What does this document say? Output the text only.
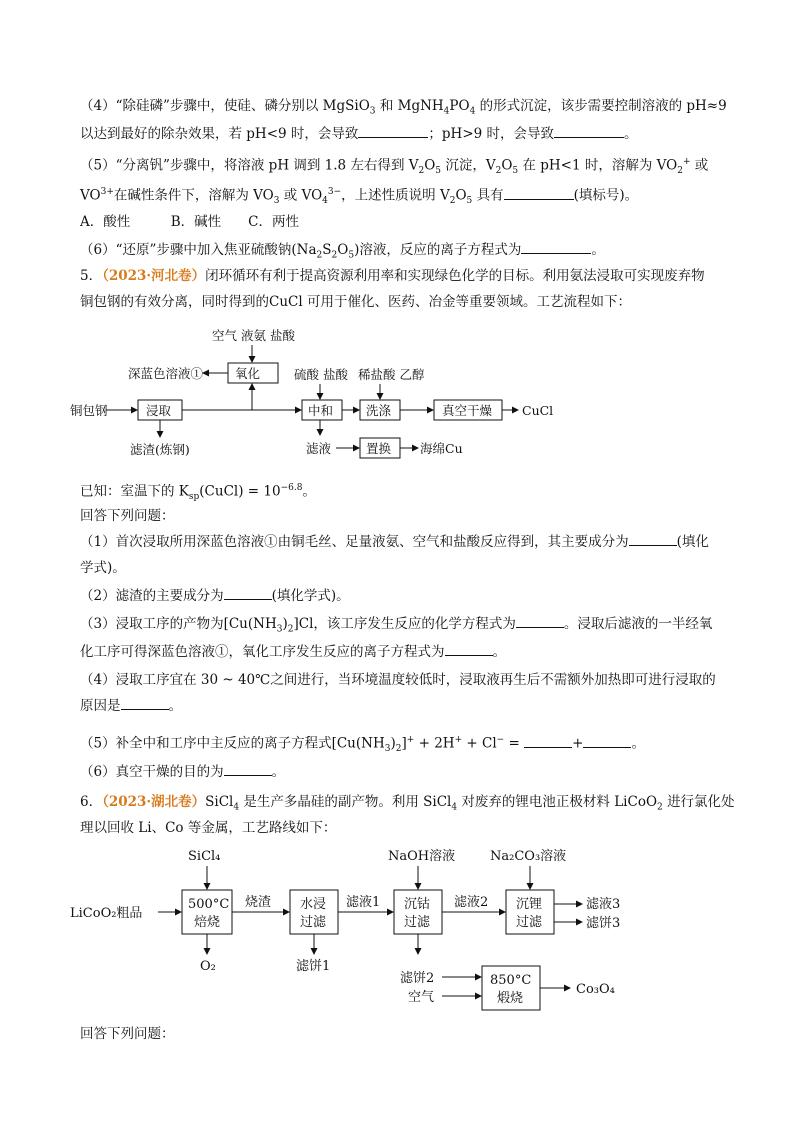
（4）“除硅磷”步骤中，使硅、磷分别以 MgSiO$_3$ 和 $MgNH_4PO_4$ 的形式沉淀，该步需要控制溶液的 pH≈9
以达到最好的除杂效果，若 pH<9 时，会导致	；pH>9 时，会导致	。
（5）“分离钒”步骤中，将溶液 pH 调到 1.8 左右得到 $V_2O_5$ 沉淀，$V_2O_5$ 在 pH<1 时，溶解为 $VO_2^+$ 或
$VO^{3+}$在碱性条件下，溶解为 $VO_3$ 或 $VO_4^{3-}$，上述性质说明 $V_2O_5$ 具有	(填标号)。
A．酸性　　　B．碱性　　C．两性
（6）“还原”步骤中加入焦亚硫酸钠$(Na_2S_2O_5)$溶液，反应的离子方程式为	。
5．（2023·河北卷）闭环循环有利于提高资源利用率和实现绿色化学的目标。利用氨法浸取可实现废弃物
铜包钢的有效分离，同时得到的CuCl 可用于催化、医药、冶金等重要领域。工艺流程如下：
空气 液氨 盐酸
氧化
深蓝色溶液①
铜包钢	浸取
滤渣(炼钢)
硫酸 盐酸
中和
滤液	置换 海绵Cu
稀盐酸 乙醇
洗涤	真空干燥 CuCl
已知：室温下的 $K_{sp}(CuCl) = 10^{-6.8}$。
回答下列问题：
（1）首次浸取所用深蓝色溶液①由铜毛丝、足量液氨、空气和盐酸反应得到，其主要成分为	(填化
学式)。
（2）滤渣的主要成分为	(填化学式)。
（3）浸取工序的产物为$[Cu(NH_3)_2]Cl$，该工序发生反应的化学方程式为	。浸取后滤液的一半经氧
化工序可得深蓝色溶液①，氧化工序发生反应的离子方程式为	。
（4）浸取工序宜在 30 ~ 40℃之间进行，当环境温度较低时，浸取液再生后不需额外加热即可进行浸取的
原因是	。
（5）补全中和工序中主反应的离子方程式$[Cu(NH_3)_2]^+ + 2H^+ + Cl^-$ =	+	。
（6）真空干燥的目的为	。
6．（2023·湖北卷）SiCl$_4$ 是生产多晶硅的副产物。利用 SiCl$_4$ 对废弃的锂电池正极材料 LiCoO$_2$ 进行氯化处
理以回收 Li、Co 等金属，工艺路线如下：
SiCl₄	NaOH溶液	Na₂CO₃溶液
LiCoO₂粗品
500°C
焙烧
烧渣 水浸
过滤
滤液1 沉钴
过滤
滤液2 沉锂
过滤
滤液3
滤饼3
O₂	滤饼1
滤饼2
空气
850°C
煅烧
Co₃O₄
回答下列问题：
